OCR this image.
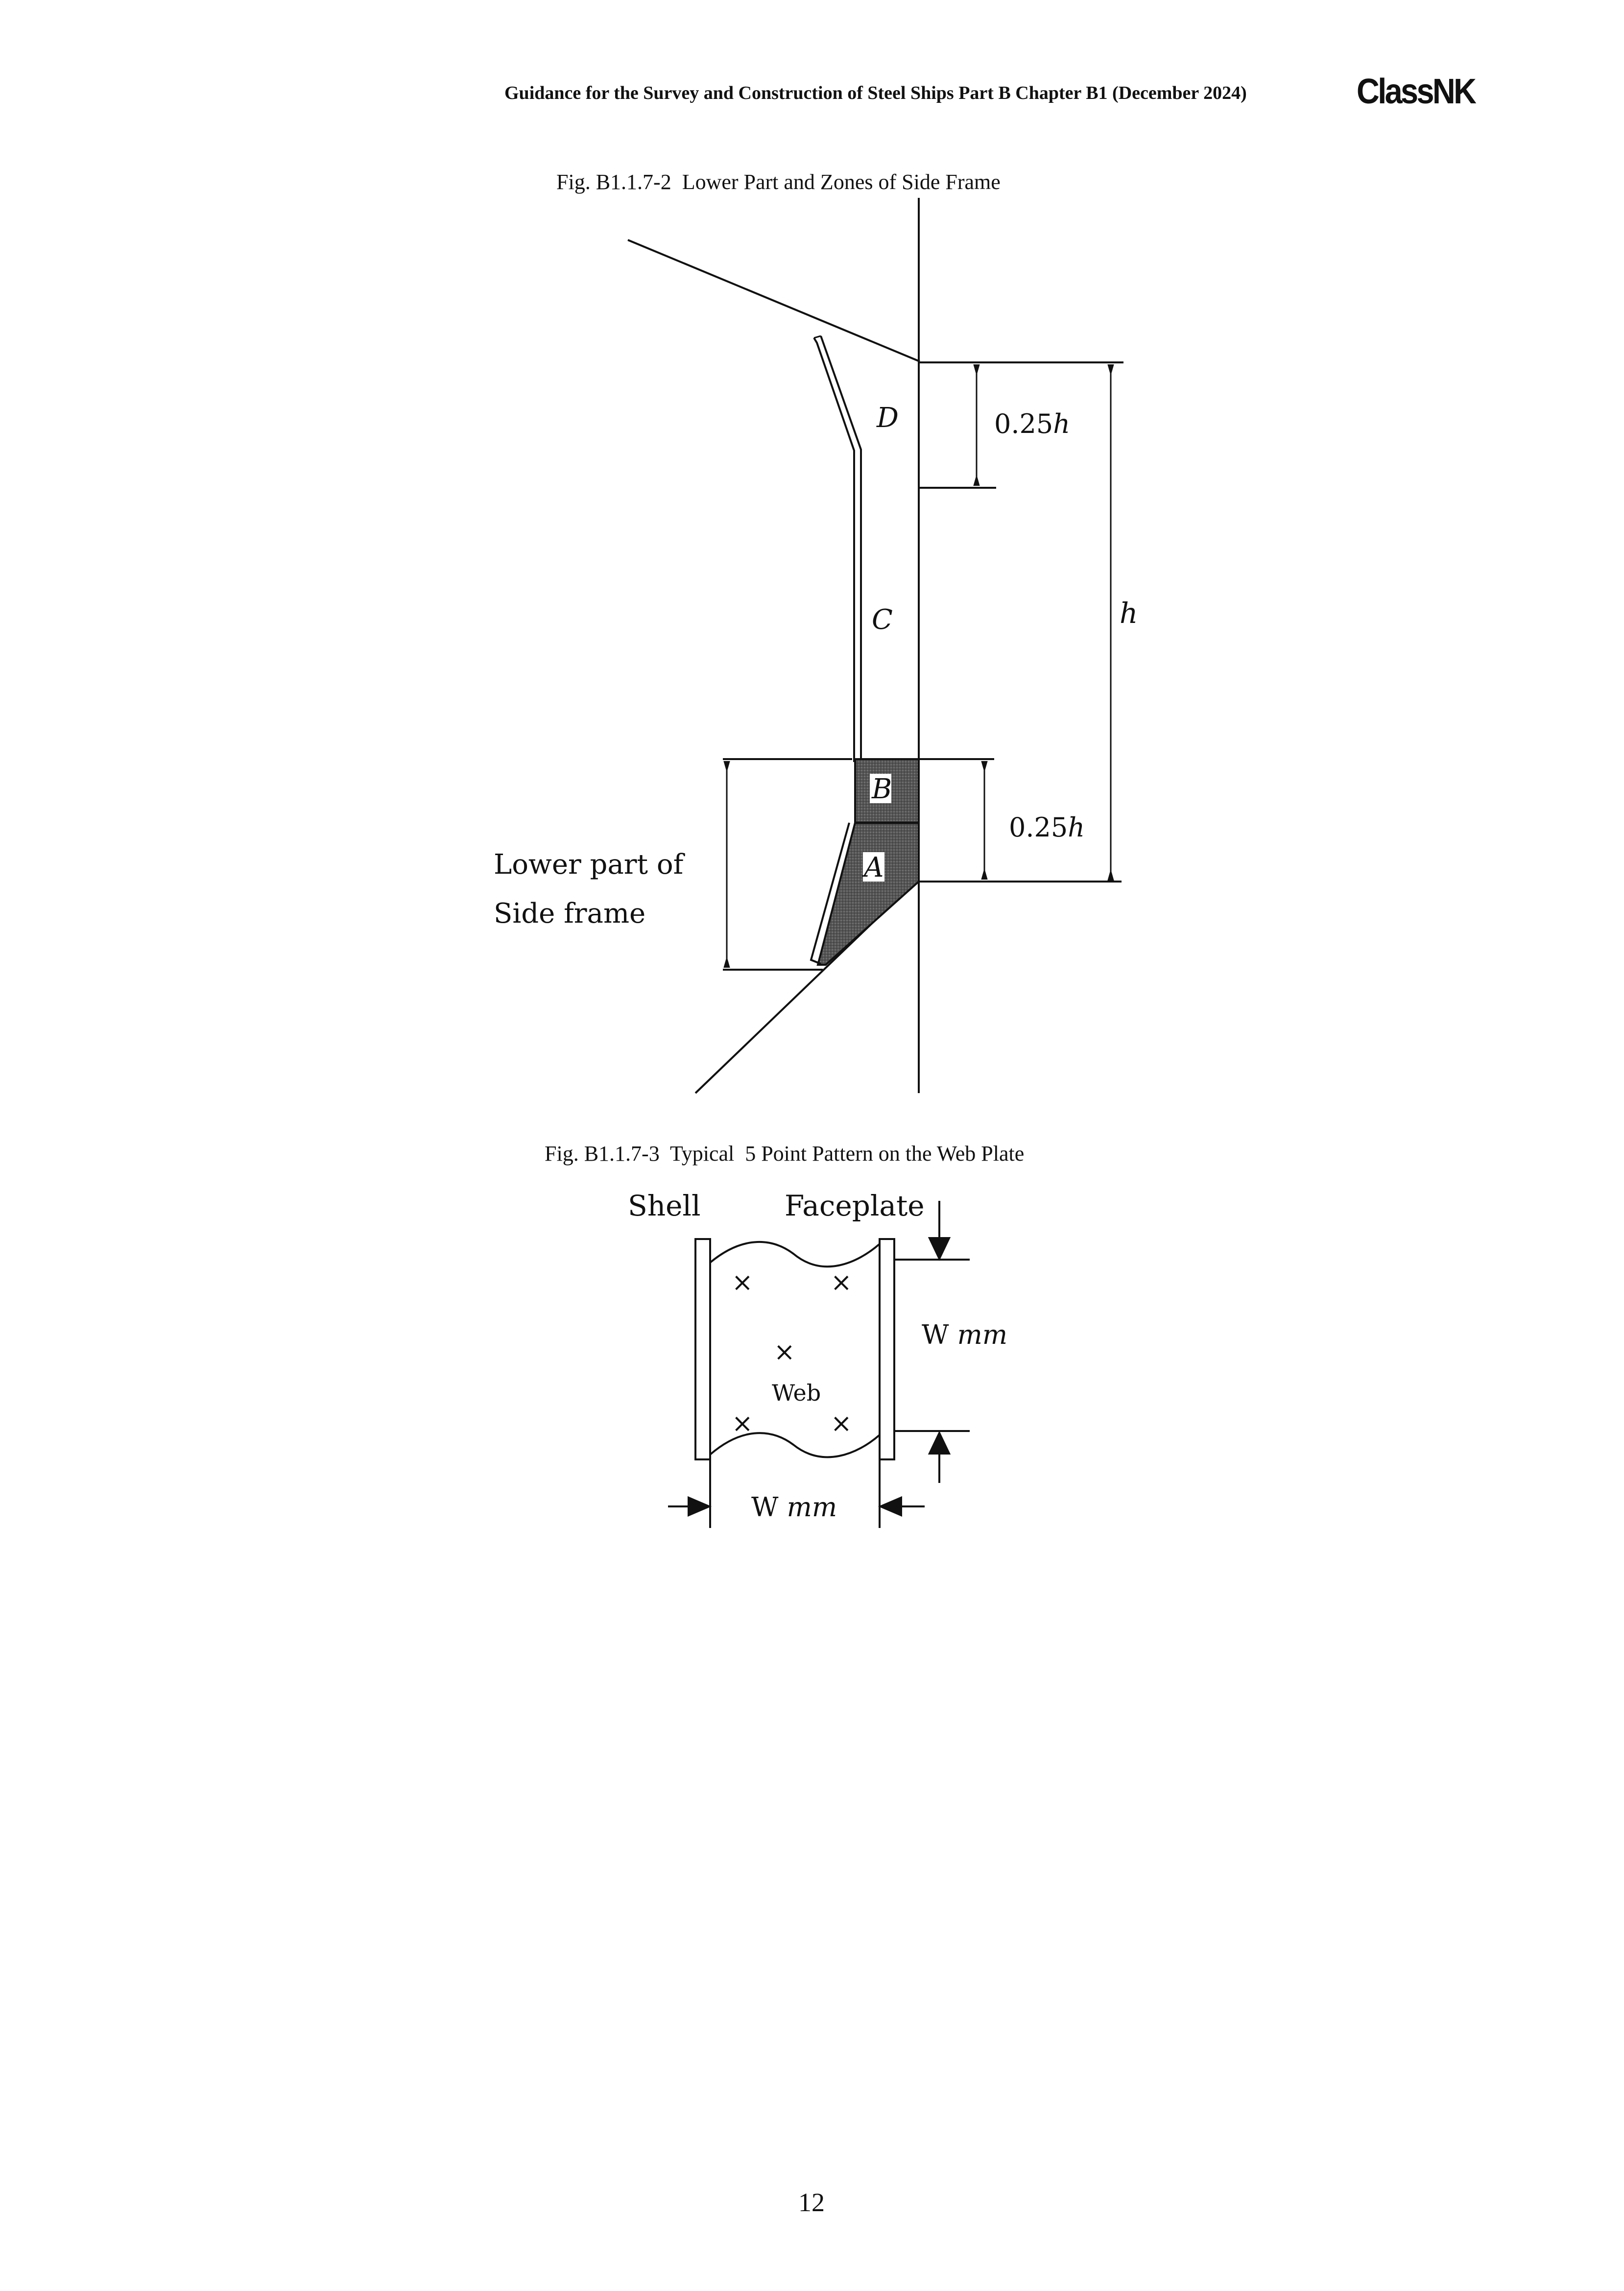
Guidance for the Survey and Construction of Steel Ships Part B Chapter B1 (December 2024)	ClassNK
Fig. B1.1.7-2  Lower Part and Zones of Side Frame
D
C
B
A
0.25h
h
0.25h
Lower part of
Side frame
×	×
×
×	×
Web
Shell	Faceplate
W mm
W mm
Fig. B1.1.7-3  Typical  5 Point Pattern on the Web Plate
12
